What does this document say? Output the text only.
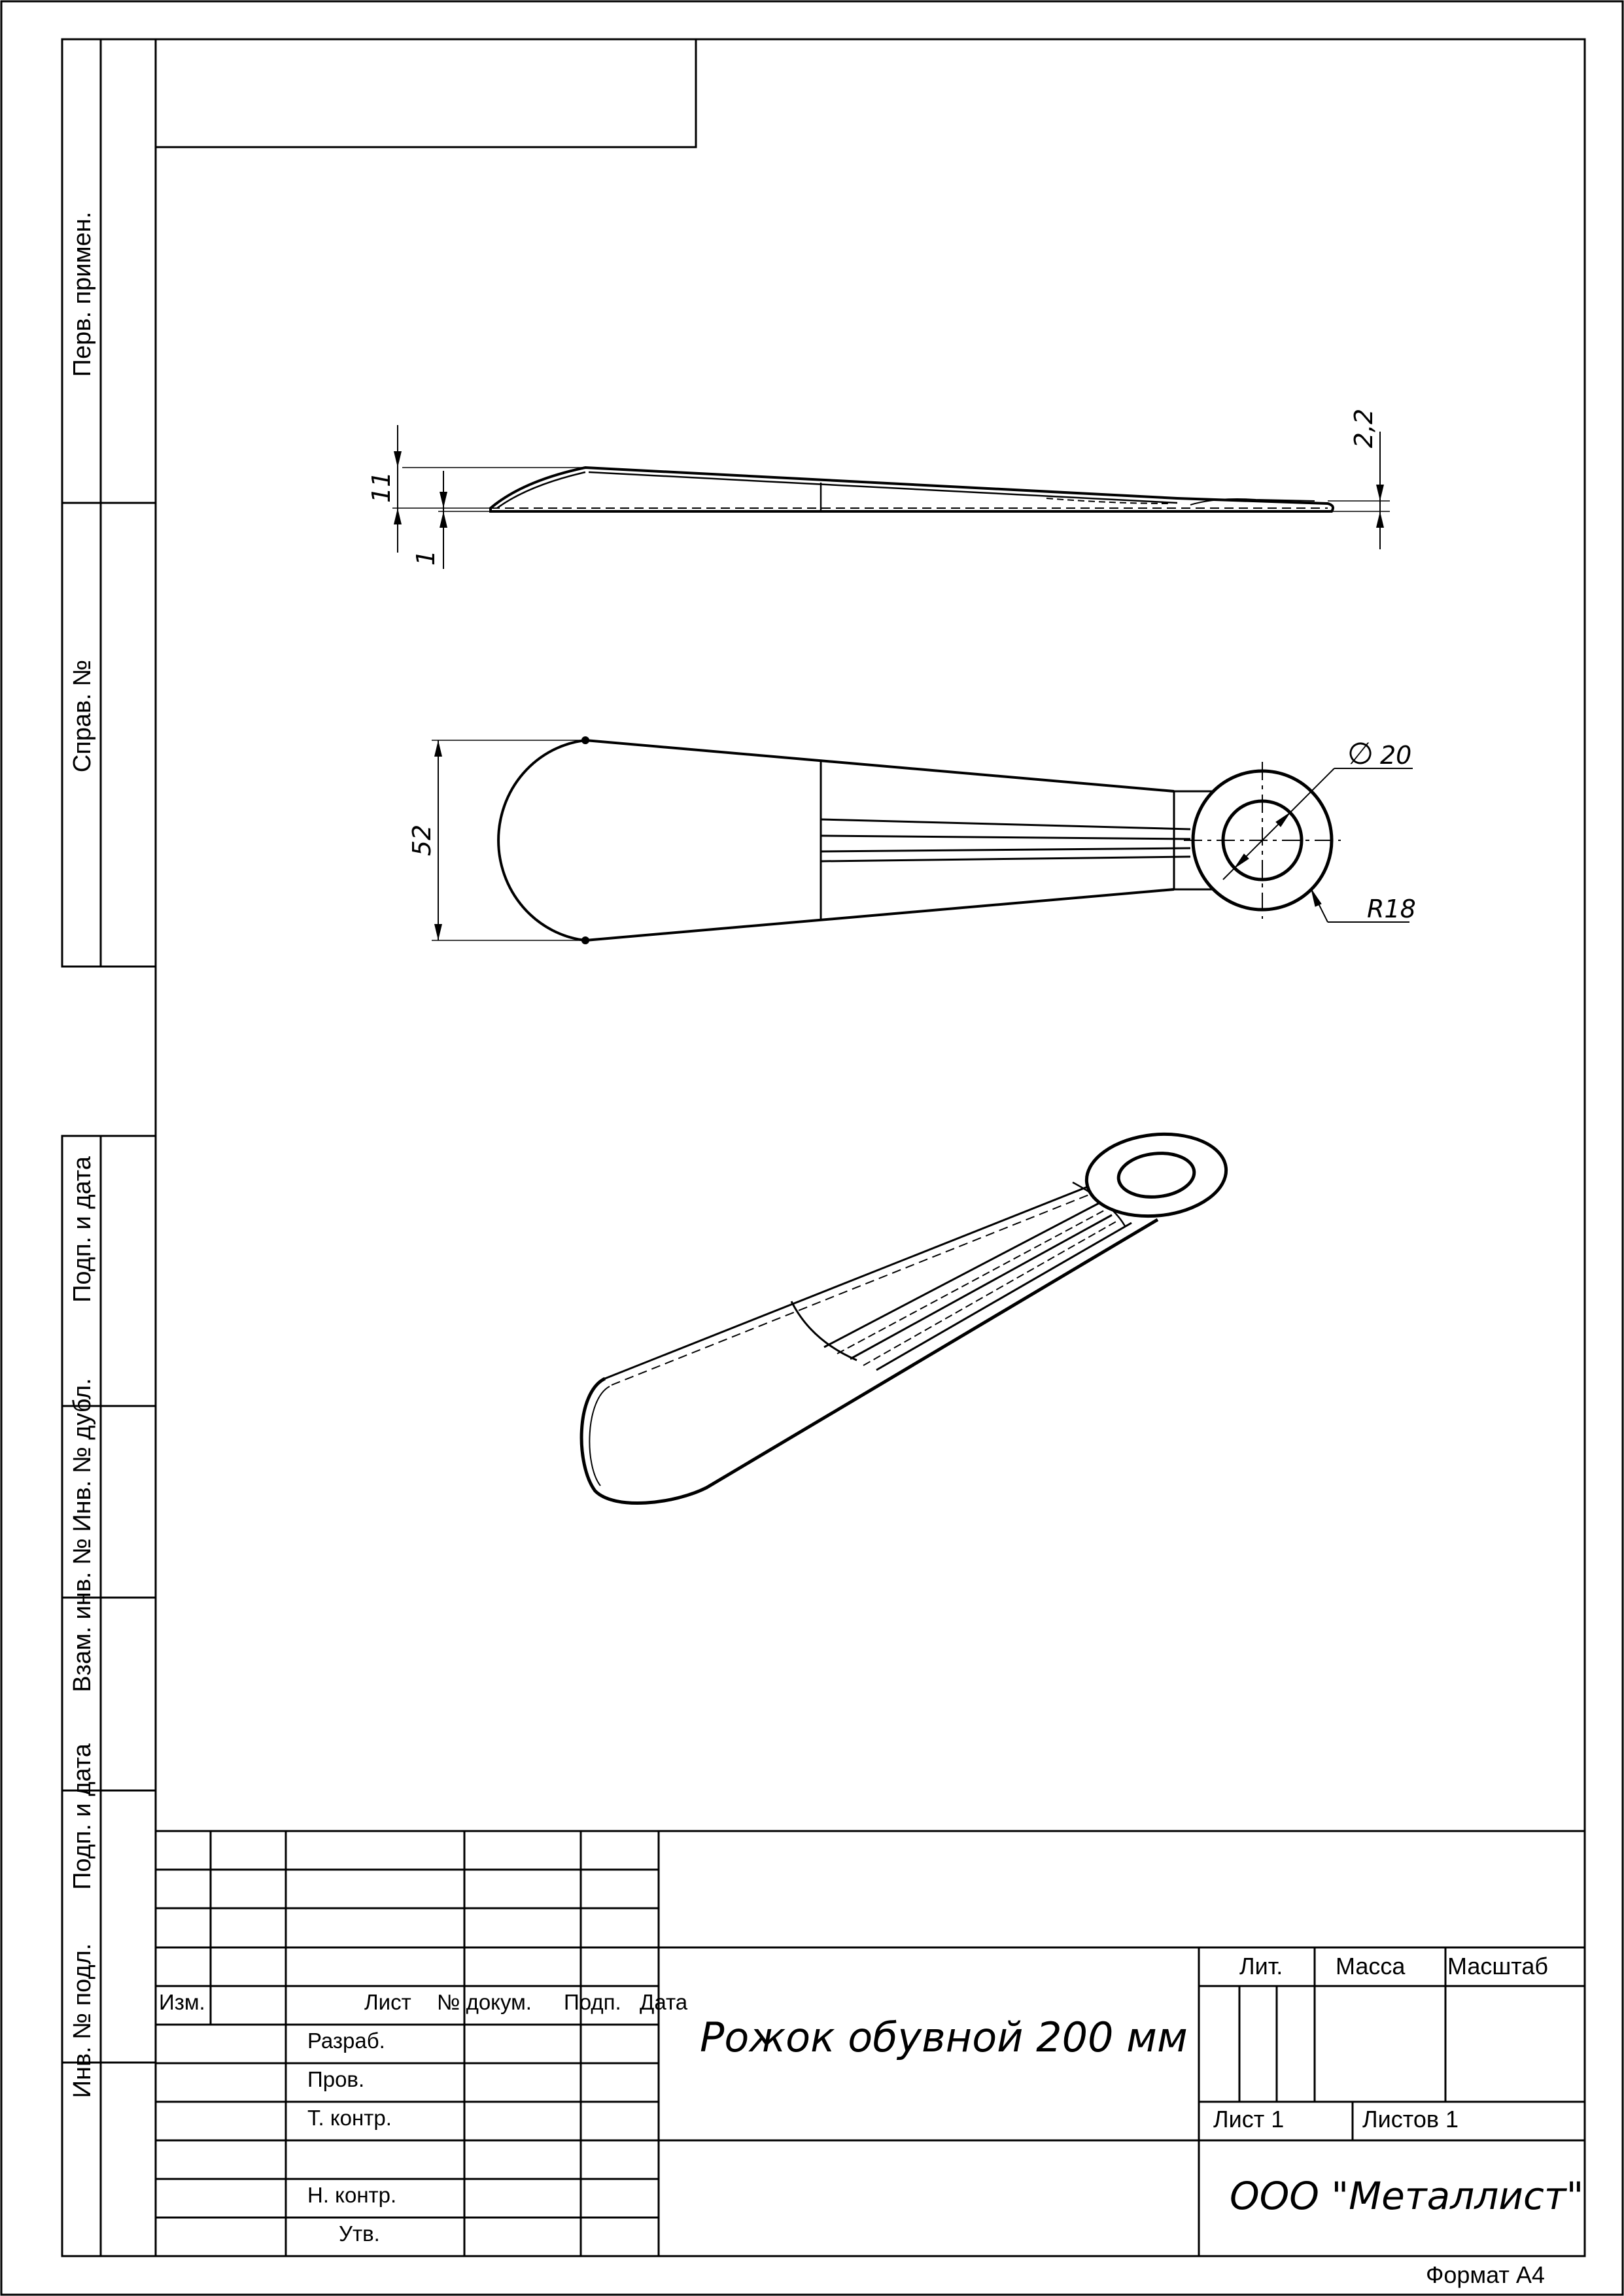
Перв. примен.
Справ. №
Подп. и дата
Инв. № дубл.
Взам. инв. №
Подп. и дата
Инв. № подл.
11
1
2,2
52
∅ 20
R18
Изм.	Лист № докум. Подп. Дата
Разраб.
Пров.
Т. контр.
Н. контр.
Утв.
Лит. Масса Масштаб
Лист 1	Листов 1
Рожок обувной 200 мм
ООО "Металлист"
Формат А4
